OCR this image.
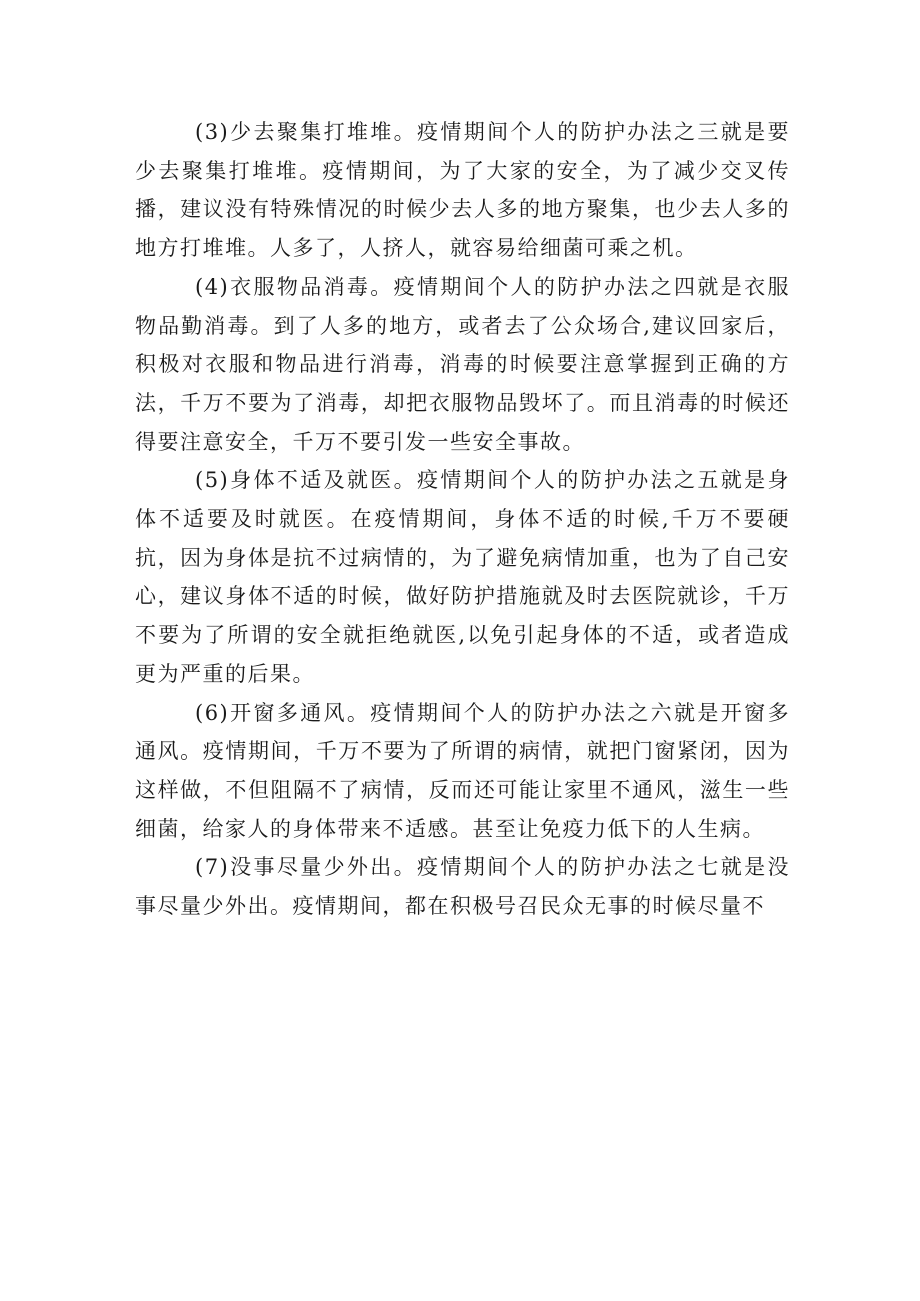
(3)少去聚集打堆堆。疫情期间个人的防护办法之三就是要少去聚集打堆堆。疫情期间，为了大家的安全，为了减少交叉传播，建议没有特殊情况的时候少去人多的地方聚集，也少去人多的地方打堆堆。人多了，人挤人，就容易给细菌可乘之机。

(4)衣服物品消毒。疫情期间个人的防护办法之四就是衣服物品勤消毒。到了人多的地方，或者去了公众场合,建议回家后，积极对衣服和物品进行消毒，消毒的时候要注意掌握到正确的方法，千万不要为了消毒，却把衣服物品毁坏了。而且消毒的时候还得要注意安全，千万不要引发一些安全事故。

(5)身体不适及就医。疫情期间个人的防护办法之五就是身体不适要及时就医。在疫情期间，身体不适的时候,千万不要硬抗，因为身体是抗不过病情的，为了避免病情加重，也为了自己安心，建议身体不适的时候，做好防护措施就及时去医院就诊，千万不要为了所谓的安全就拒绝就医,以免引起身体的不适，或者造成更为严重的后果。

(6)开窗多通风。疫情期间个人的防护办法之六就是开窗多通风。疫情期间，千万不要为了所谓的病情，就把门窗紧闭，因为这样做，不但阻隔不了病情，反而还可能让家里不通风，滋生一些细菌，给家人的身体带来不适感。甚至让免疫力低下的人生病。

(7)没事尽量少外出。疫情期间个人的防护办法之七就是没事尽量少外出。疫情期间，都在积极号召民众无事的时候尽量不
